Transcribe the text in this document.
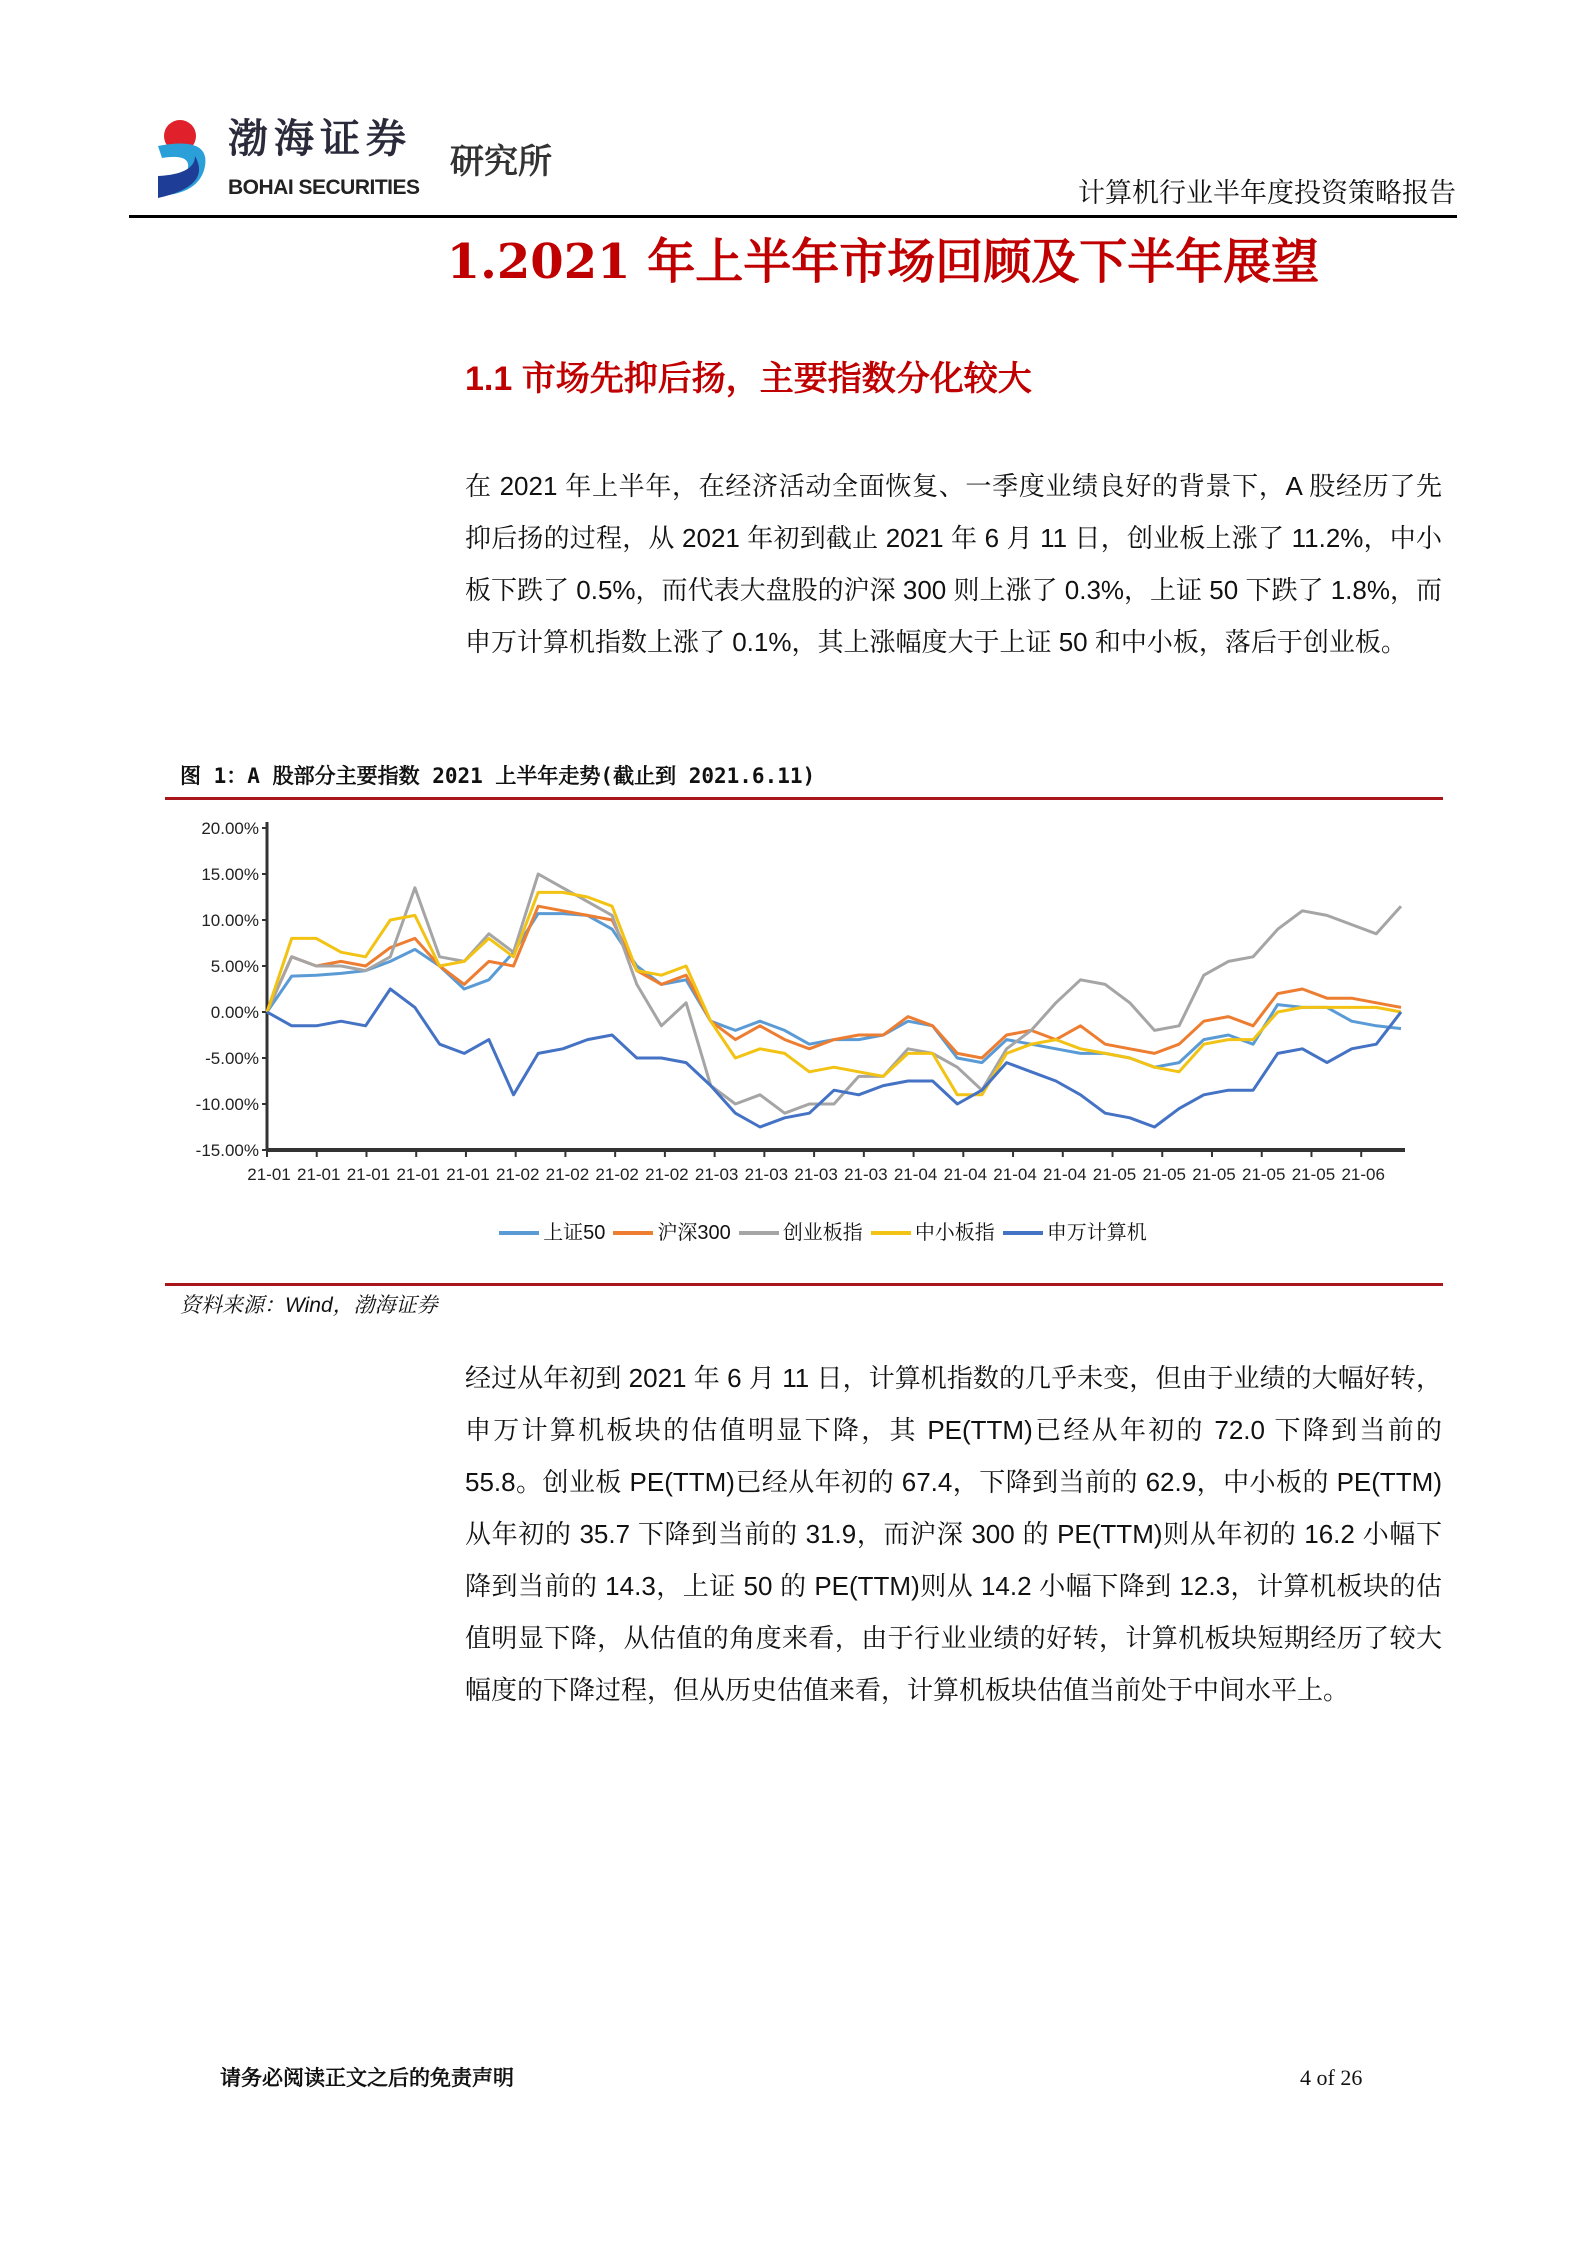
渤海证券
BOHAI SECURITIES
研究所
计算机行业半年度投资策略报告
1.2021 年上半年市场回顾及下半年展望
1.1 市场先抑后扬，主要指数分化较大
在 2021 年上半年，在经济活动全面恢复、一季度业绩良好的背景下，A 股经历了先抑后扬的过程，从 2021 年初到截止 2021 年 6 月 11 日，创业板上涨了 11.2%，中小板下跌了 0.5%，而代表大盘股的沪深 300 则上涨了 0.3%，上证 50 下跌了 1.8%，而申万计算机指数上涨了 0.1%，其上涨幅度大于上证 50 和中小板，落后于创业板。
图 1：A 股部分主要指数 2021 上半年走势(截止到 2021.6.11)
20.00%
15.00%
10.00%
5.00%
0.00%
-5.00%
-10.00%
-15.00%
21-01 21-01 21-01 21-01 21-01 21-02 21-02 21-02 21-02 21-03 21-03 21-03 21-03 21-04 21-04 21-04 21-04 21-05 21-05 21-05 21-05 21-05 21-06
上证50	沪深300	创业板指	中小板指	申万计算机
资料来源：Wind，渤海证券
经过从年初到 2021 年 6 月 11 日，计算机指数的几乎未变，但由于业绩的大幅好转，申万计算机板块的估值明显下降，其 PE(TTM)已经从年初的 72.0 下降到当前的 55.8。创业板 PE(TTM)已经从年初的 67.4，下降到当前的 62.9，中小板的 PE(TTM)从年初的 35.7 下降到当前的 31.9，而沪深 300 的 PE(TTM)则从年初的 16.2 小幅下降到当前的 14.3，上证 50 的 PE(TTM)则从 14.2 小幅下降到 12.3，计算机板块的估值明显下降，从估值的角度来看，由于行业业绩的好转，计算机板块短期经历了较大幅度的下降过程，但从历史估值来看，计算机板块估值当前处于中间水平上。
请务必阅读正文之后的免责声明	4 of 26
